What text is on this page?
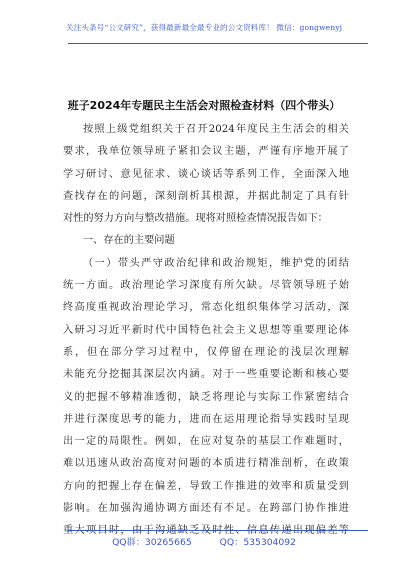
关注头条号“公文研究”，获得最新最全最专业的公文资料库！ 微信：gongwenyj
班子2024年专题民主生活会对照检查材料（四个带头）
按照上级党组织关于召开2024年度民主生活会的相关
要求，我单位领导班子紧扣会议主题，严谨有序地开展了
学习研讨、意见征求、谈心谈话等系列工作，全面深入地
查找存在的问题，深刻剖析其根源，并据此制定了具有针
对性的努力方向与整改措施。现将对照检查情况报告如下：
一、存在的主要问题
（一）带头严守政治纪律和政治规矩，维护党的团结
统一方面。政治理论学习深度有所欠缺。尽管领导班子始
终高度重视政治理论学习，常态化组织集体学习活动，深
入研习习近平新时代中国特色社会主义思想等重要理论体
系，但在部分学习过程中，仅停留在理论的浅层次理解
未能充分挖掘其深层次内涵。对于一些重要论断和核心要
义的把握不够精准透彻，缺乏将理论与实际工作紧密结合
并进行深度思考的能力，进而在运用理论指导实践时呈现
出一定的局限性。例如，在应对复杂的基层工作难题时，
难以迅速从政治高度对问题的本质进行精准剖析，在政策
方向的把握上存在偏差，导致工作推进的效率和质量受到
影响。在加强沟通协调方面还有不足。在跨部门协作推进
重大项目时，由于沟通缺乏及时性、信息传递出现偏差等
QQ群：30265665	QQ：535304092
